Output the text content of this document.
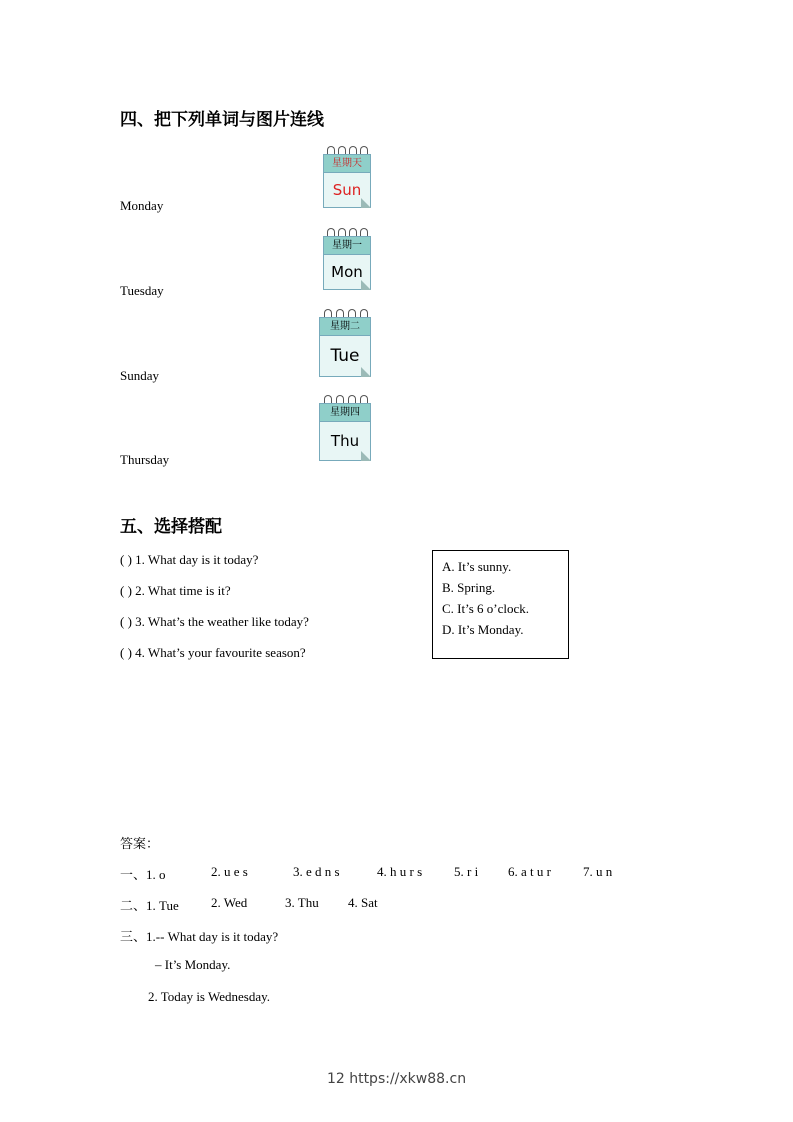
四、把下列单词与图片连线
Monday
Tuesday
Sunday
Thursday
星期天
Sun
星期一
Mon
星期二
Tue
星期四
Thu
五、选择搭配
( ) 1. What day is it today?
( ) 2. What time is it?
( ) 3. What’s the weather like today?
( ) 4. What’s your favourite season?
A. It’s sunny.
B. Spring.
C. It’s 6 o’clock.
D. It’s Monday.
答案：
一、1. o	2. u e s	3. e d n s	4. h u r s 5. r i 6. a t u r 7. u n
二、1. Tue 2. Wed	3. Thu 4. Sat
三、1.-- What day is it today?
– It’s Monday.
2. Today is Wednesday.
12 https://xkw88.cn
